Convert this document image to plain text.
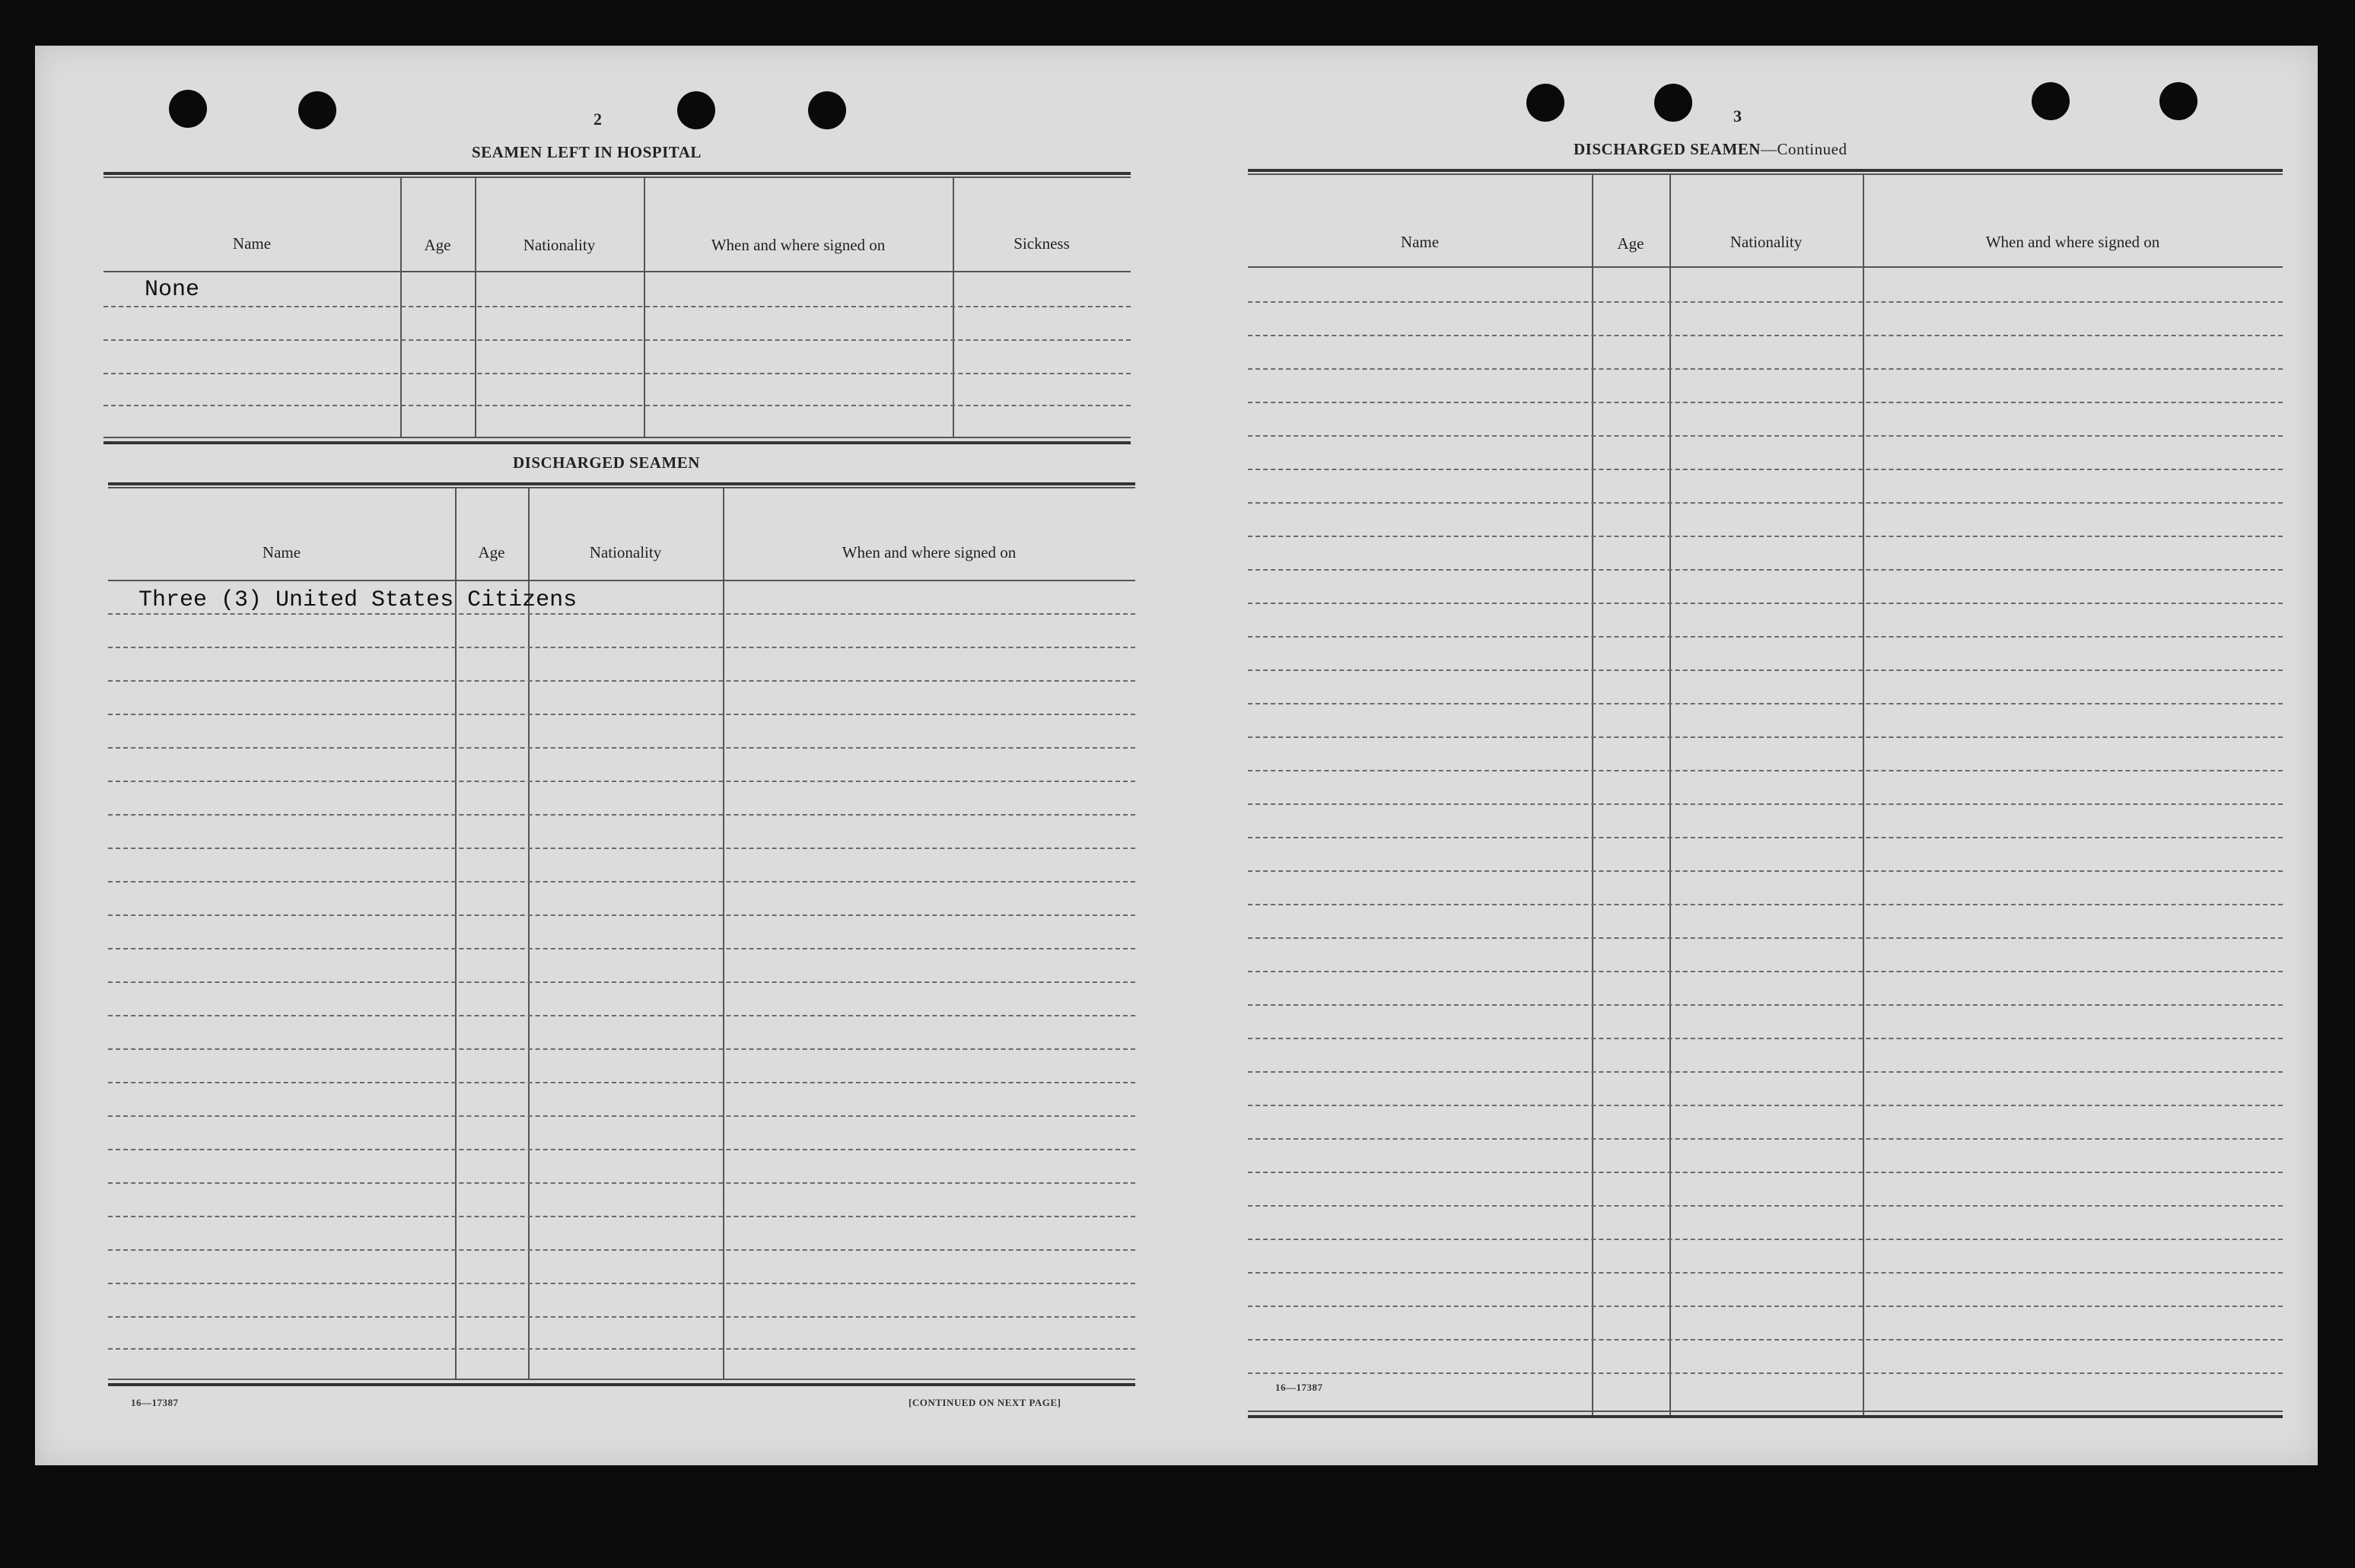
2
SEAMEN LEFT IN HOSPITAL
Name	Age	Nationality	When and where signed on	Sickness
None
DISCHARGED SEAMEN
Name	Age	Nationality	When and where signed on
Three (3) United States Citizens
16—17387	[CONTINUED ON NEXT PAGE]
3
DISCHARGED SEAMEN—Continued
Name	Age	Nationality	When and where signed on
16—17387
